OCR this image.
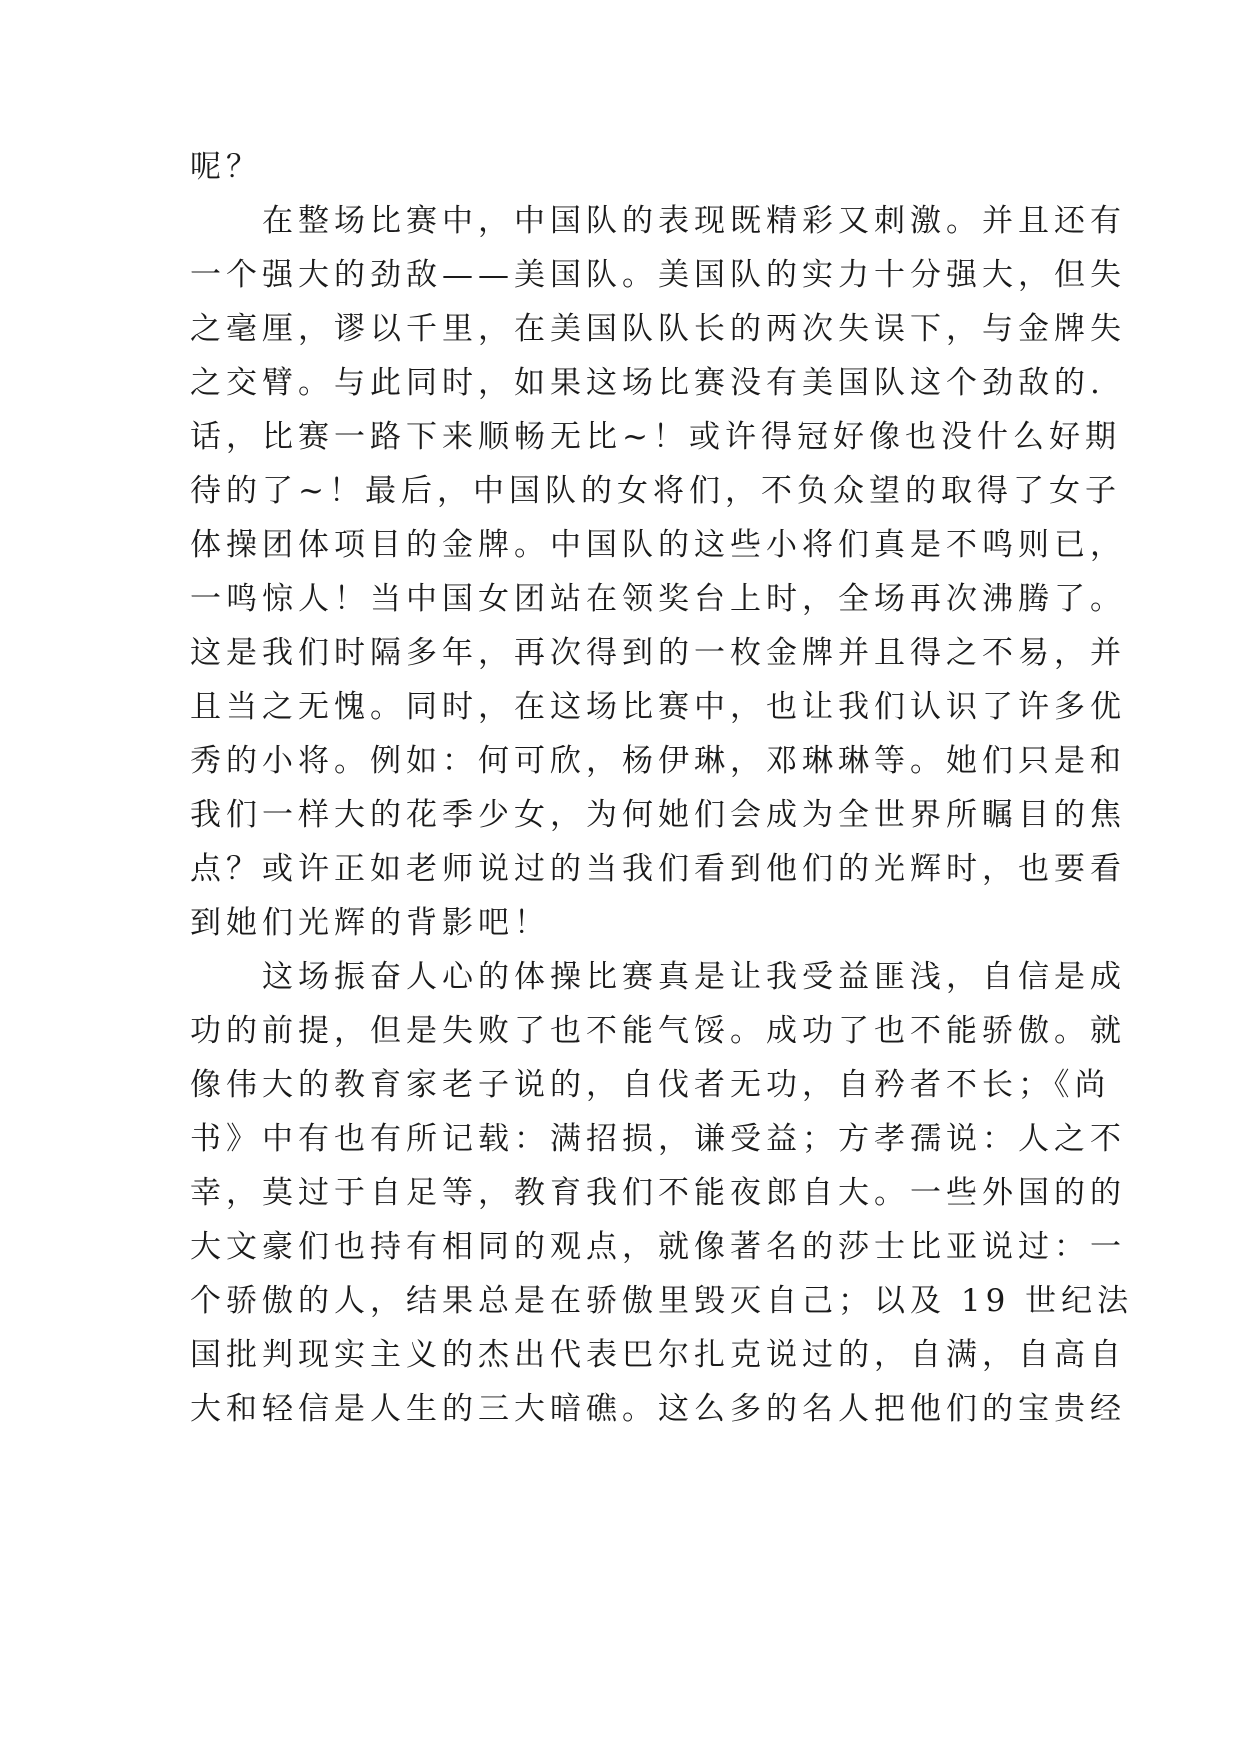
呢？
　　在整场比赛中，中国队的表现既精彩又刺激。并且还有
一个强大的劲敌——美国队。美国队的实力十分强大，但失
之毫厘，谬以千里，在美国队队长的两次失误下，与金牌失
之交臂。与此同时，如果这场比赛没有美国队这个劲敌的.
话，比赛一路下来顺畅无比~！或许得冠好像也没什么好期
待的了~！最后，中国队的女将们，不负众望的取得了女子
体操团体项目的金牌。中国队的这些小将们真是不鸣则已，
一鸣惊人！当中国女团站在领奖台上时，全场再次沸腾了。
这是我们时隔多年，再次得到的一枚金牌并且得之不易，并
且当之无愧。同时，在这场比赛中，也让我们认识了许多优
秀的小将。例如：何可欣，杨伊琳，邓琳琳等。她们只是和
我们一样大的花季少女，为何她们会成为全世界所瞩目的焦
点？或许正如老师说过的当我们看到他们的光辉时，也要看
到她们光辉的背影吧！
　　这场振奋人心的体操比赛真是让我受益匪浅，自信是成
功的前提，但是失败了也不能气馁。成功了也不能骄傲。就
像伟大的教育家老子说的，自伐者无功，自矜者不长；《尚
书》中有也有所记载：满招损，谦受益；方孝孺说：人之不
幸，莫过于自足等，教育我们不能夜郎自大。一些外国的的
大文豪们也持有相同的观点，就像著名的莎士比亚说过：一
个骄傲的人，结果总是在骄傲里毁灭自己；以及 19 世纪法
国批判现实主义的杰出代表巴尔扎克说过的，自满，自高自
大和轻信是人生的三大暗礁。这么多的名人把他们的宝贵经
